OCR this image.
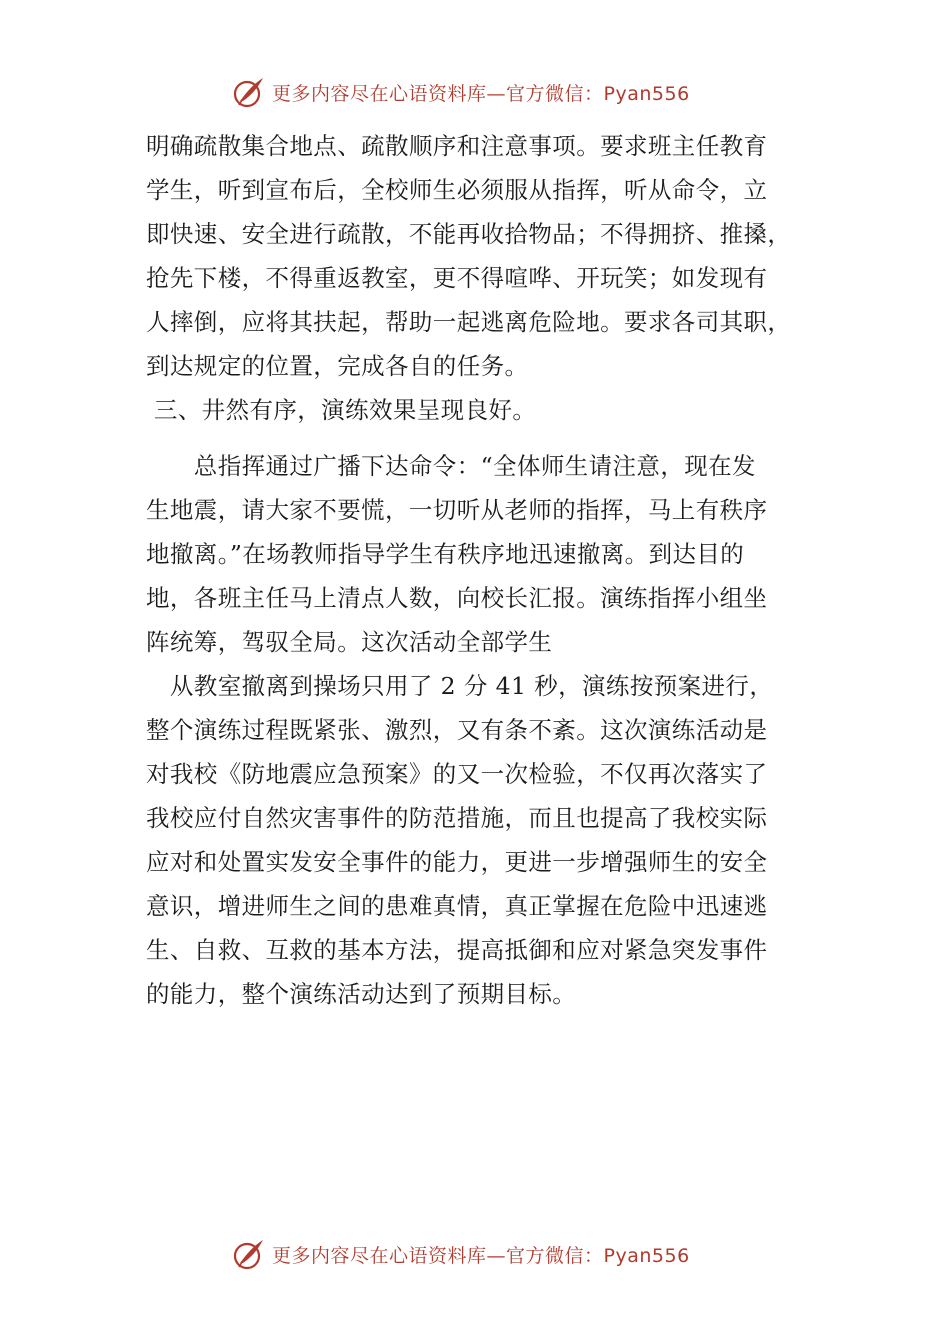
更多内容尽在心语资料库—官方微信：Pyan556
明确疏散集合地点、疏散顺序和注意事项。要求班主任教育
学生，听到宣布后，全校师生必须服从指挥，听从命令，立
即快速、安全进行疏散，不能再收拾物品；不得拥挤、推搡，
抢先下楼，不得重返教室，更不得喧哗、开玩笑；如发现有
人摔倒，应将其扶起，帮助一起逃离危险地。要求各司其职，
到达规定的位置，完成各自的任务。
三、井然有序，演练效果呈现良好。
　　总指挥通过广播下达命令：“全体师生请注意，现在发
生地震，请大家不要慌，一切听从老师的指挥，马上有秩序
地撤离。”在场教师指导学生有秩序地迅速撤离。到达目的
地，各班主任马上清点人数，向校长汇报。演练指挥小组坐
阵统筹，驾驭全局。这次活动全部学生
　从教室撤离到操场只用了 2 分 41 秒，演练按预案进行，
整个演练过程既紧张、激烈，又有条不紊。这次演练活动是
对我校《防地震应急预案》的又一次检验，不仅再次落实了
我校应付自然灾害事件的防范措施，而且也提高了我校实际
应对和处置实发安全事件的能力，更进一步增强师生的安全
意识，增进师生之间的患难真情，真正掌握在危险中迅速逃
生、自救、互救的基本方法，提高抵御和应对紧急突发事件
的能力，整个演练活动达到了预期目标。
更多内容尽在心语资料库—官方微信：Pyan556
